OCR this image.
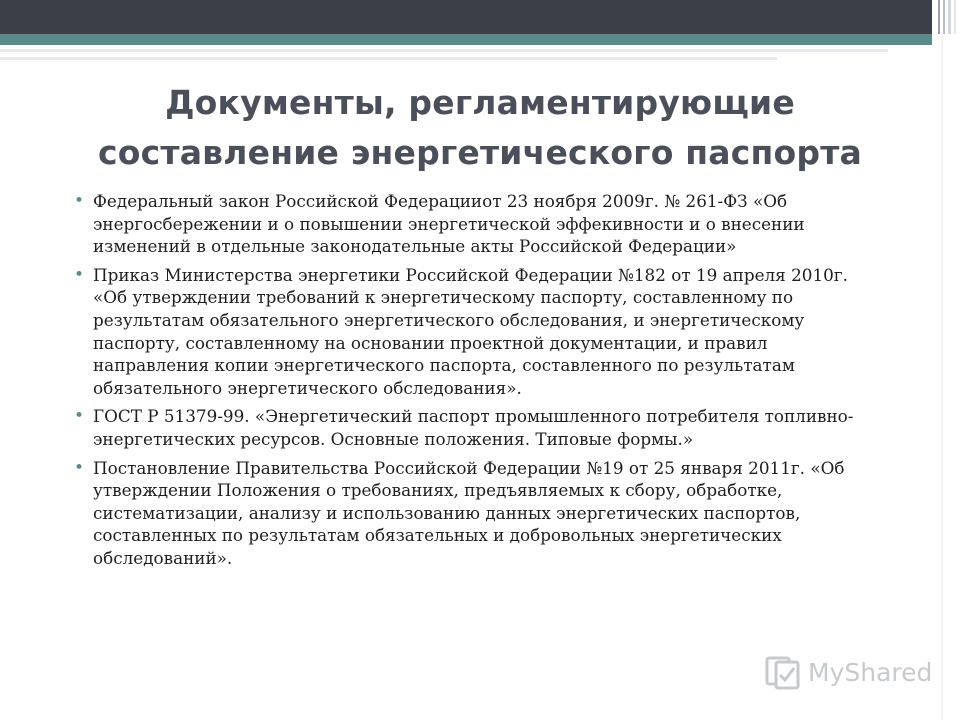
Документы, регламентирующие составление энергетического паспорта
• Федеральный закон Российской Федерацииот 23 ноября 2009г. № 261-ФЗ «Об энергосбережении и о повышении энергетической эффекивности и о внесении изменений в отдельные законодательные акты Российской Федерации»
• Приказ Министерства энергетики Российской Федерации №182 от 19 апреля 2010г. «Об утверждении требований к энергетическому паспорту, составленному по результатам обязательного энергетического обследования, и энергетическому паспорту, составленному на основании проектной документации, и правил направления копии энергетического паспорта, составленного по результатам обязательного энергетического обследования».
• ГОСТ Р 51379-99. «Энергетический паспорт промышленного потребителя топливно-энергетических ресурсов. Основные положения. Типовые формы.»
• Постановление Правительства Российской Федерации №19 от 25 января 2011г. «Об утверждении Положения о требованиях, предъявляемых к сбору, обработке, систематизации, анализу и использованию данных энергетических паспортов, составленных по результатам обязательных и добровольных энергетических обследований».
MyShared
